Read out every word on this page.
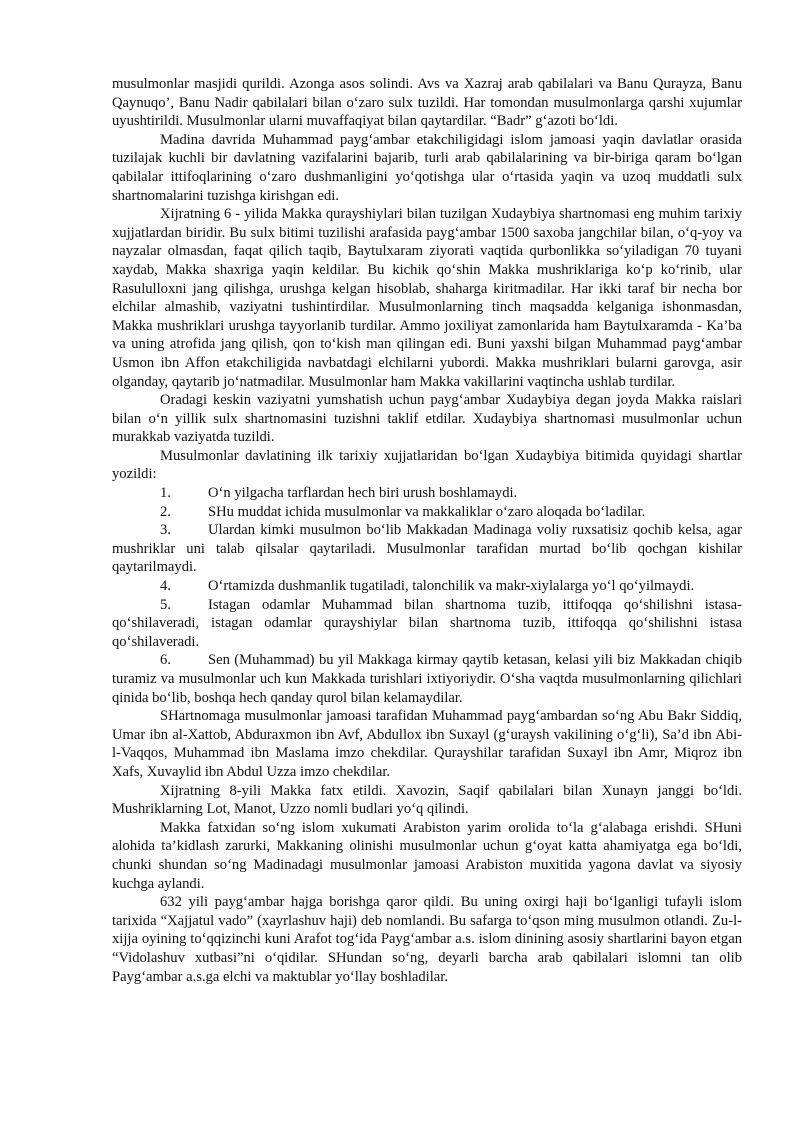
musulmonlar masjidi qurildi. Azonga asos solindi. Avs va Xazraj arab qabilalari va Banu Qurayza, Banu Qaynuqo’, Banu Nadir qabilalari bilan o‘zaro sulx tuzildi. Har tomondan musulmonlarga qarshi xujumlar uyushtirildi. Musulmonlar ularni muvaffaqiyat bilan qaytardilar. “Badr” g‘azoti bo‘ldi.

Madina davrida Muhammad payg‘ambar etakchiligidagi islom jamoasi yaqin davlatlar orasida tuzilajak kuchli bir davlatning vazifalarini bajarib, turli arab qabilalarining va bir-biriga qaram bo‘lgan qabilalar ittifoqlarining o‘zaro dushmanligini yo‘qotishga ular o‘rtasida yaqin va uzoq muddatli sulx shartnomalarini tuzishga kirishgan edi.

Xijratning 6 - yilida Makka qurayshiylari bilan tuzilgan Xudaybiya shartnomasi eng muhim tarixiy xujjatlardan biridir. Bu sulx bitimi tuzilishi arafasida payg‘ambar 1500 saxoba jangchilar bilan, o‘q-yoy va nayzalar olmasdan, faqat qilich taqib, Baytulxaram ziyorati vaqtida qurbonlikka so‘yiladigan 70 tuyani xaydab, Makka shaxriga yaqin keldilar. Bu kichik qo‘shin Makka mushriklariga ko‘p ko‘rinib, ular Rasululloxni jang qilishga, urushga kelgan hisoblab, shaharga kiritmadilar. Har ikki taraf bir necha bor elchilar almashib, vaziyatni tushintirdilar. Musulmonlarning tinch maqsadda kelganiga ishonmasdan, Makka mushriklari urushga tayyorlanib turdilar. Ammo joxiliyat zamonlarida ham Baytulxaramda - Ka’ba va uning atrofida jang qilish, qon to‘kish man qilingan edi. Buni yaxshi bilgan Muhammad payg‘ambar Usmon ibn Affon etakchiligida navbatdagi elchilarni yubordi. Makka mushriklari bularni garovga, asir olganday, qaytarib jo‘natmadilar. Musulmonlar ham Makka vakillarini vaqtincha ushlab turdilar.

Oradagi keskin vaziyatni yumshatish uchun payg‘ambar Xudaybiya degan joyda Makka raislari bilan o‘n yillik sulx shartnomasini tuzishni taklif etdilar. Xudaybiya shartnomasi musulmonlar uchun murakkab vaziyatda tuzildi.

Musulmonlar davlatining ilk tarixiy xujjatlaridan bo‘lgan Xudaybiya bitimida quyidagi shartlar yozildi:

1.	O‘n yilgacha tarflardan hech biri urush boshlamaydi.

2.	SHu muddat ichida musulmonlar va makkaliklar o‘zaro aloqada bo‘ladilar.

3.	Ulardan kimki musulmon bo‘lib Makkadan Madinaga voliy ruxsatisiz qochib kelsa, agar mushriklar uni talab qilsalar qaytariladi. Musulmonlar tarafidan murtad bo‘lib qochgan kishilar qaytarilmaydi.

4.	O‘rtamizda dushmanlik tugatiladi, talonchilik va makr-xiylalarga yo‘l qo‘yilmaydi.

5.	Istagan odamlar Muhammad bilan shartnoma tuzib, ittifoqqa qo‘shilishni istasa-qo‘shilaveradi, istagan odamlar qurayshiylar bilan shartnoma tuzib, ittifoqqa qo‘shilishni istasa qo‘shilaveradi.

6.	Sen (Muhammad) bu yil Makkaga kirmay qaytib ketasan, kelasi yili biz Makkadan chiqib turamiz va musulmonlar uch kun Makkada turishlari ixtiyoriydir. O‘sha vaqtda musulmonlarning qilichlari qinida bo‘lib, boshqa hech qanday qurol bilan kelamaydilar.

SHartnomaga musulmonlar jamoasi tarafidan Muhammad payg‘ambardan so‘ng Abu Bakr Siddiq, Umar ibn al-Xattob, Abduraxmon ibn Avf, Abdullox ibn Suxayl (g‘uraysh vakilining o‘g‘li), Sa’d ibn Abi-l-Vaqqos, Muhammad ibn Maslama imzo chekdilar. Qurayshilar tarafidan Suxayl ibn Amr, Miqroz ibn Xafs, Xuvaylid ibn Abdul Uzza imzo chekdilar.

Xijratning 8-yili Makka fatx etildi. Xavozin, Saqif qabilalari bilan Xunayn janggi bo‘ldi. Mushriklarning Lot, Manot, Uzzo nomli budlari yo‘q qilindi.

Makka fatxidan so‘ng islom xukumati Arabiston yarim orolida to‘la g‘alabaga erishdi. SHuni alohida ta’kidlash zarurki, Makkaning olinishi musulmonlar uchun g‘oyat katta ahamiyatga ega bo‘ldi, chunki shundan so‘ng Madinadagi musulmonlar jamoasi Arabiston muxitida yagona davlat va siyosiy kuchga aylandi.

632 yili payg‘ambar hajga borishga qaror qildi. Bu uning oxirgi haji bo‘lganligi tufayli islom tarixida “Xajjatul vado” (xayrlashuv haji) deb nomlandi. Bu safarga to‘qson ming musulmon otlandi. Zu-l-xijja oyining to‘qqizinchi kuni Arafot tog‘ida Payg‘ambar a.s. islom dinining asosiy shartlarini bayon etgan “Vidolashuv xutbasi”ni o‘qidilar. SHundan so‘ng, deyarli barcha arab qabilalari islomni tan olib Payg‘ambar a.s.ga elchi va maktublar yo‘llay boshladilar.
